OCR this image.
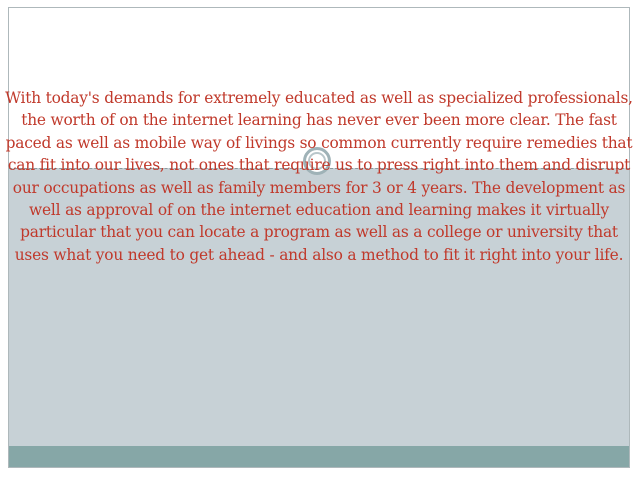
With today's demands for extremely educated as well as specialized professionals, the worth of on the internet learning has never ever been more clear. The fast paced as well as mobile way of livings so common currently require remedies that can fit into our lives, not ones that require us to press right into them and disrupt our occupations as well as family members for 3 or 4 years. The development as well as approval of on the internet education and learning makes it virtually particular that you can locate a program as well as a college or university that uses what you need to get ahead - and also a method to fit it right into your life.
